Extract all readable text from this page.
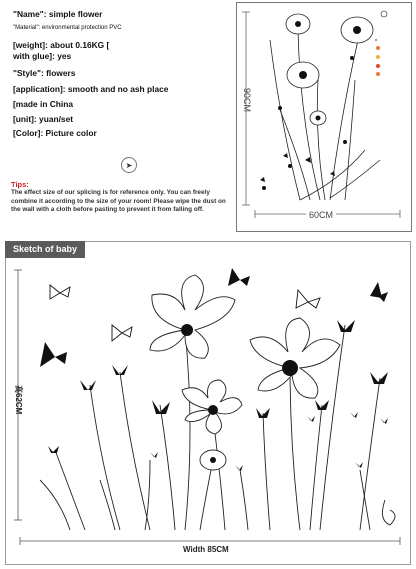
"Name": simple flower
"Material": environmental protection PVC
[weight]: about 0.16KG [
with glue]: yes
"Style": flowers
[application]: smooth and no ash place
[made in China
[unit]: yuan/set
[Color]: Picture color
➤
Tips:
The effect size of our splicing is for reference only. You can freely combine it according to the size of your room! Please wipe the dust on the wall with a cloth before pasting to prevent it from falling off.
90CM
60CM
Sketch of baby
高62CM
Width 85CM
